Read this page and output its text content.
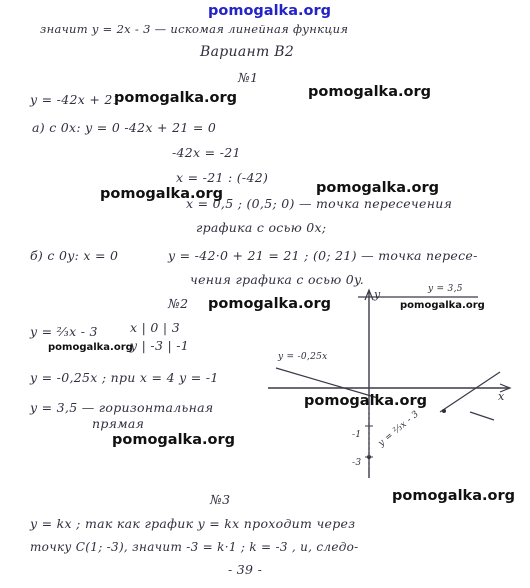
pomogalka.org
значит y = 2x - 3 — искомая линейная функция
Вариант В2
№1
y = -42x + 21
а) с 0x: y = 0 -42x + 21 = 0
-42x = -21
x = -21 : (-42)
x = 0,5 ; (0,5; 0) — точка пересечения
графика с осью 0x;
б) с 0y: x = 0	y = -42·0 + 21 = 21 ; (0; 21) — точка пересе-
чения графика с осью 0y.
№2
y = ⅔x - 3	x | 0 | 3
y | -3 | -1
y = -0,25x ; при x = 4 y = -1
y = 3,5 — горизонтальная
прямая
№3
y = kx ; так как график y = kx проходит через
точку C(1; -3), значит -3 = k·1 ; k = -3 , и, следо-
- 39 -
y = 3,5
y = -0,25x
y = ⅔x - 3
x
y
-1
-3
pomogalka.org	pomogalka.org
pomogalka.org	pomogalka.org
pomogalka.org	pomogalka.org
pomogalka.org
pomogalka.org
pomogalka.org
pomogalka.org
